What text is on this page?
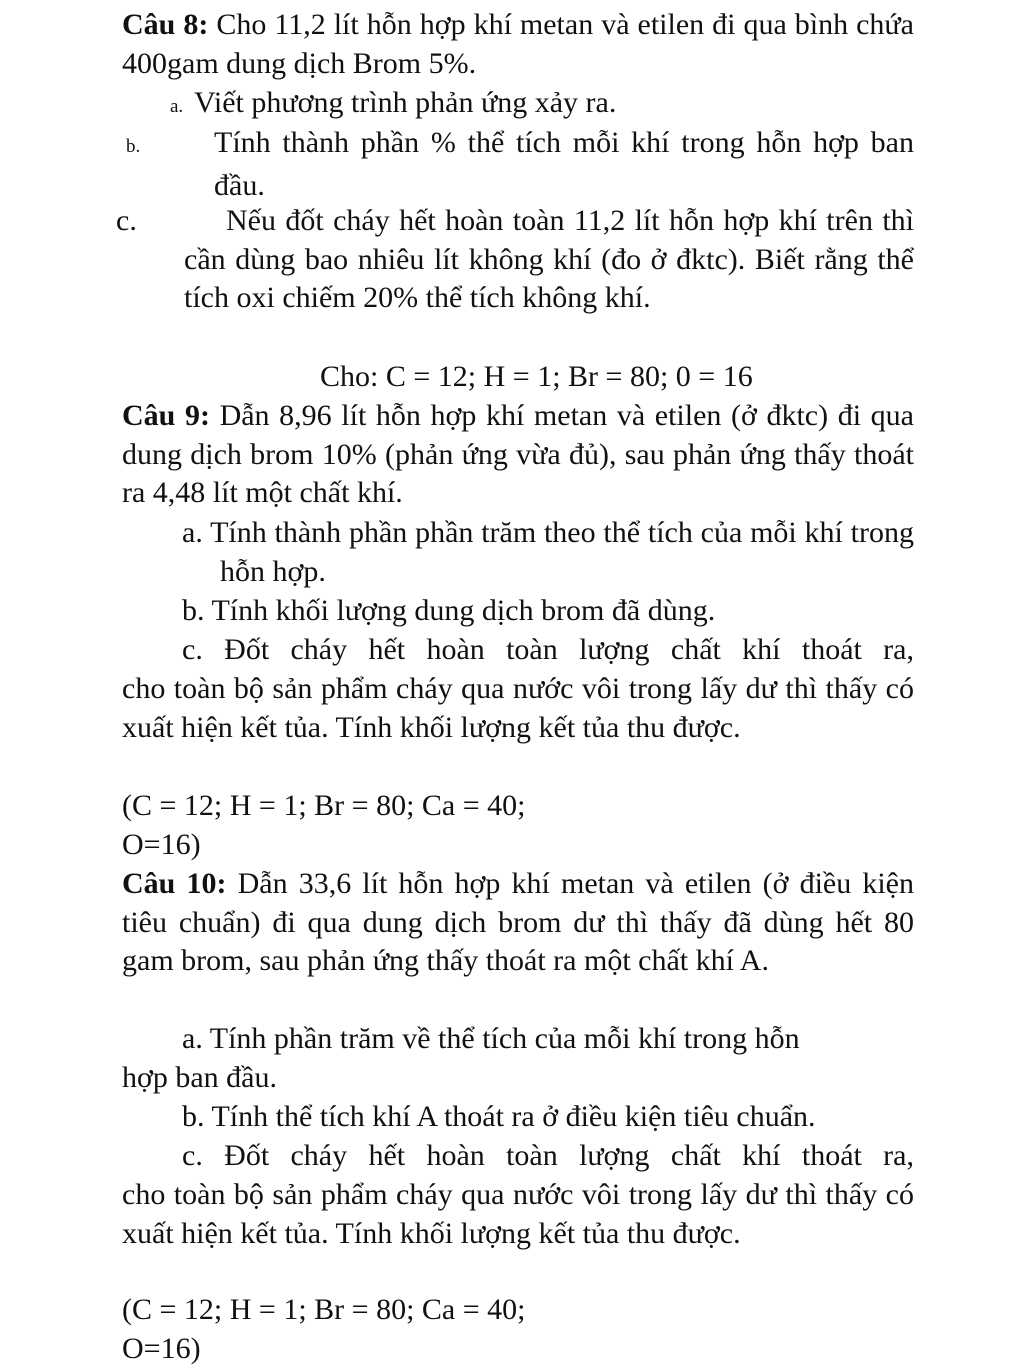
Câu 8: Cho 11,2 lít hỗn hợp khí metan và etilen đi qua bình chứa 400gam dung dịch Brom 5%.

a. Viết phương trình phản ứng xảy ra.

b. Tính thành phần % thể tích mỗi khí trong hỗn hợp ban đầu.

c.	Nếu đốt cháy hết hoàn toàn 11,2 lít hỗn hợp khí trên thì cần dùng bao nhiêu lít không khí (đo ở đktc). Biết rằng thể tích oxi chiếm 20% thể tích không khí.

Cho: C = 12; H = 1; Br = 80; 0 = 16

Câu 9: Dẫn 8,96 lít hỗn hợp khí metan và etilen (ở đktc) đi qua dung dịch brom 10% (phản ứng vừa đủ), sau phản ứng thấy thoát ra 4,48 lít một chất khí.

a. Tính thành phần phần trăm theo thể tích của mỗi khí trong hỗn hợp.

b. Tính khối lượng dung dịch brom đã dùng.

c. Đốt cháy hết hoàn toàn lượng chất khí thoát ra,

cho toàn bộ sản phẩm cháy qua nước vôi trong lấy dư thì thấy có xuất hiện kết tủa. Tính khối lượng kết tủa thu được.

(C = 12; H = 1; Br = 80; Ca = 40;

O=16)

Câu 10: Dẫn 33,6 lít hỗn hợp khí metan và etilen (ở điều kiện tiêu chuẩn) đi qua dung dịch brom dư thì thấy đã dùng hết 80 gam brom, sau phản ứng thấy thoát ra một chất khí A.

a. Tính phần trăm về thể tích của mỗi khí trong hỗn

hợp ban đầu.

b. Tính thể tích khí A thoát ra ở điều kiện tiêu chuẩn.

c. Đốt cháy hết hoàn toàn lượng chất khí thoát ra,

cho toàn bộ sản phẩm cháy qua nước vôi trong lấy dư thì thấy có xuất hiện kết tủa. Tính khối lượng kết tủa thu được.

(C = 12; H = 1; Br = 80; Ca = 40;

O=16)
